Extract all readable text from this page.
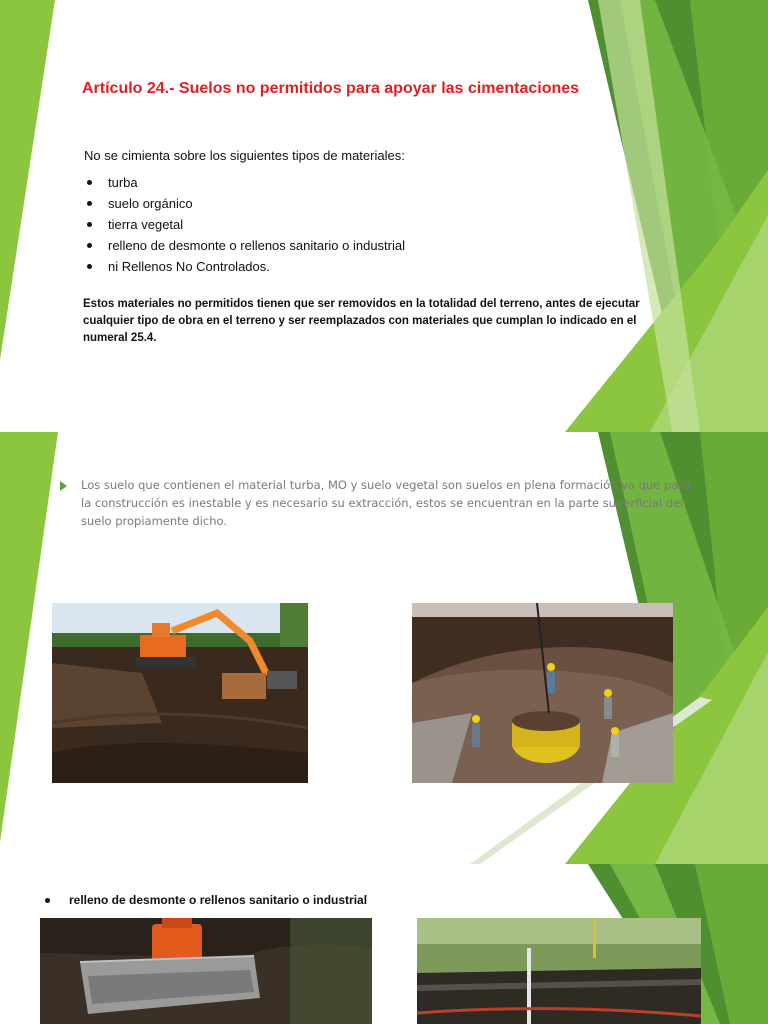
Artículo 24.- Suelos no permitidos para apoyar las cimentaciones
No se cimienta sobre los siguientes tipos de materiales:
turba
suelo orgánico
tierra vegetal
relleno de desmonte o rellenos sanitario o industrial
ni Rellenos No Controlados.

Estos materiales no permitidos tienen que ser removidos en la totalidad del terreno, antes de ejecutar cualquier tipo de obra en el terreno y ser reemplazados con materiales que cumplan lo indicado en el numeral 25.4.

Los suelo que contienen el material turba, MO y suelo vegetal son suelos en plena formación ya que para la construcción es inestable y es necesario su extracción, estos se encuentran en la parte superficial del suelo propiamente dicho.

relleno de desmonte o rellenos sanitario o industrial
